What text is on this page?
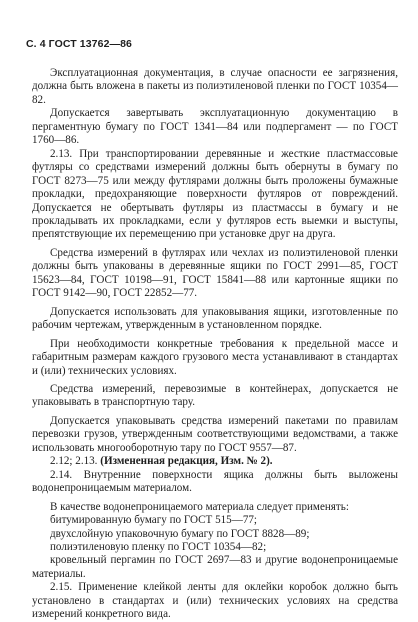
С. 4 ГОСТ 13762—86

Эксплуатационная документация, в случае опасности ее загрязнения, должна быть вложена в пакеты из полиэтиленовой пленки по ГОСТ 10354—82.

Допускается завертывать эксплуатационную документацию в пергаментную бумагу по ГОСТ 1341—84 или подпергамент — по ГОСТ 1760—86.

2.13. При транспортировании деревянные и жесткие пластмассовые футляры со средствами измерений должны быть обернуты в бумагу по ГОСТ 8273—75 или между футлярами должны быть проложены бумажные прокладки, предохраняющие поверхности футляров от повреждений. Допускается не обертывать футляры из пластмассы в бумагу и не прокладывать их прокладками, если у футляров есть выемки и выступы, препятствующие их перемещению при установке друг на друга.

Средства измерений в футлярах или чехлах из полиэтиленовой пленки должны быть упакованы в деревянные ящики по ГОСТ 2991—85, ГОСТ 15623—84, ГОСТ 10198—91, ГОСТ 15841—88 или картонные ящики по ГОСТ 9142—90, ГОСТ 22852—77.

Допускается использовать для упаковывания ящики, изготовленные по рабочим чертежам, утвержденным в установленном порядке.

При необходимости конкретные требования к предельной массе и габаритным размерам каждого грузового места устанавливают в стандартах и (или) технических условиях.

Средства измерений, перевозимые в контейнерах, допускается не упаковывать в транспортную тару.

Допускается упаковывать средства измерений пакетами по правилам перевозки грузов, утвержденным соответствующими ведомствами, а также использовать многооборотную тару по ГОСТ 9557—87.

2.12; 2.13. (Измененная редакция, Изм. № 2).

2.14. Внутренние поверхности ящика должны быть выложены водонепроницаемым материалом.

В качестве водонепроницаемого материала следует применять:

битумированную бумагу по ГОСТ 515—77;

двухслойную упаковочную бумагу по ГОСТ 8828—89;

полиэтиленовую пленку по ГОСТ 10354—82;

кровельный пергамин по ГОСТ 2697—83 и другие водонепроницаемые материалы.

2.15. Применение клейкой ленты для оклейки коробок должно быть установлено в стандартах и (или) технических условиях на средства измерений конкретного вида.
